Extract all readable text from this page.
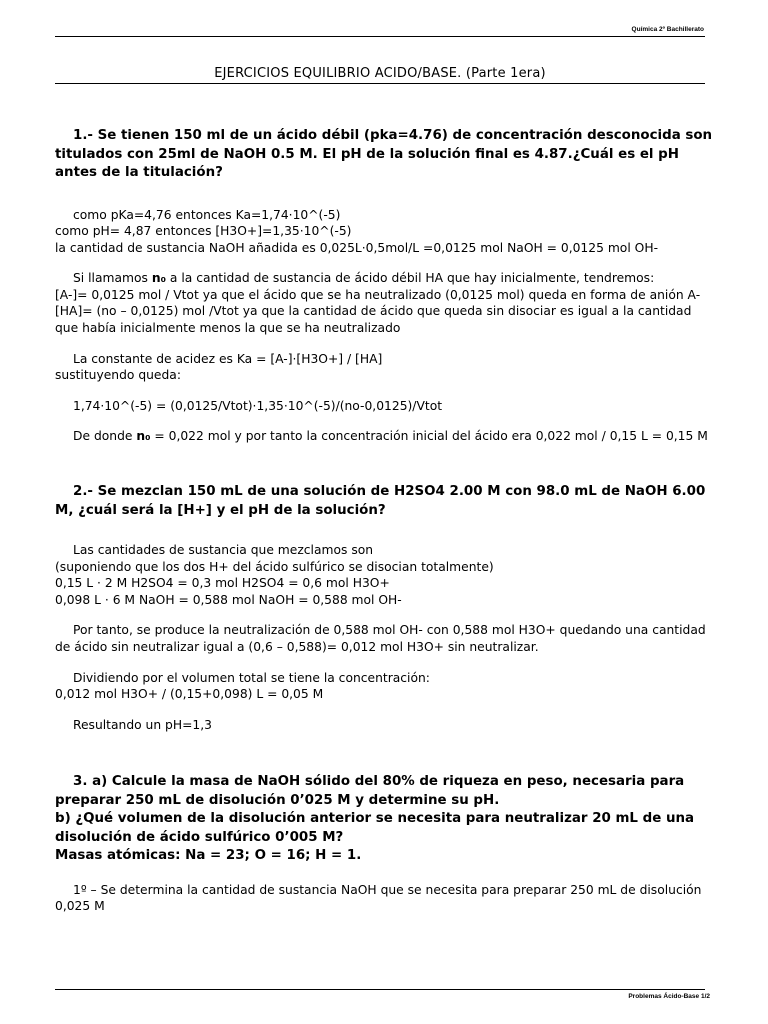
Química 2º Bachillerato
EJERCICIOS EQUILIBRIO ACIDO/BASE. (Parte 1era)

1.- Se tienen 150 ml de un ácido débil (pka=4.76) de concentración desconocida son titulados con 25ml de NaOH 0.5 M. El pH de la solución final es 4.87.¿Cuál es el pH antes de la titulación?

como pKa=4,76 entonces Ka=1,74·10^(-5)

como pH= 4,87 entonces [H3O+]=1,35·10^(-5)

la cantidad de sustancia NaOH añadida es 0,025L·0,5mol/L =0,0125 mol NaOH = 0,0125 mol OH-

Si llamamos n₀ a la cantidad de sustancia de ácido débil HA que hay inicialmente, tendremos:

[A-]= 0,0125 mol / Vtot ya que el ácido que se ha neutralizado (0,0125 mol) queda en forma de anión A-

[HA]= (no – 0,0125) mol /Vtot ya que la cantidad de ácido que queda sin disociar es igual a la cantidad que había inicialmente menos la que se ha neutralizado

La constante de acidez es Ka = [A-]·[H3O+] / [HA]

sustituyendo queda:

1,74·10^(-5) = (0,0125/Vtot)·1,35·10^(-5)/(no-0,0125)/Vtot

De donde n₀ = 0,022 mol y por tanto la concentración inicial del ácido era 0,022 mol / 0,15 L = 0,15 M

2.- Se mezclan 150 mL de una solución de H2SO4 2.00 M con 98.0 mL de NaOH 6.00 M, ¿cuál será la [H+] y el pH de la solución?

Las cantidades de sustancia que mezclamos son

(suponiendo que los dos H+ del ácido sulfúrico se disocian totalmente)

0,15 L · 2 M H2SO4 = 0,3 mol H2SO4 = 0,6 mol H3O+

0,098 L · 6 M NaOH = 0,588 mol NaOH = 0,588 mol OH-

Por tanto, se produce la neutralización de 0,588 mol OH- con 0,588 mol H3O+ quedando una cantidad de ácido sin neutralizar igual a (0,6 – 0,588)= 0,012 mol H3O+ sin neutralizar.

Dividiendo por el volumen total se tiene la concentración:

0,012 mol H3O+ / (0,15+0,098) L = 0,05 M

Resultando un pH=1,3

3. a) Calcule la masa de NaOH sólido del 80% de riqueza en peso, necesaria para preparar 250 mL de disolución 0’025 M y determine su pH.

b) ¿Qué volumen de la disolución anterior se necesita para neutralizar 20 mL de una disolución de ácido sulfúrico 0’005 M?

Masas atómicas: Na = 23; O = 16; H = 1.

1º – Se determina la cantidad de sustancia NaOH que se necesita para preparar 250 mL de disolución 0,025 M

Problemas Ácido-Base 1/2
